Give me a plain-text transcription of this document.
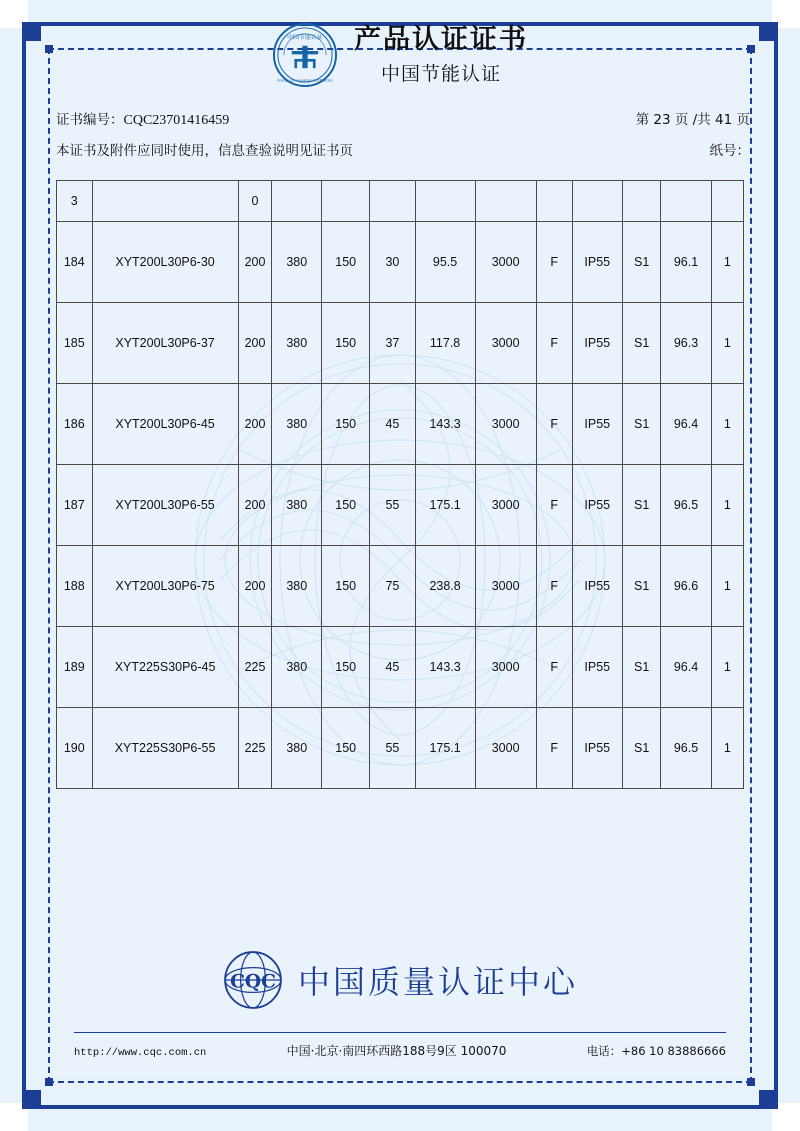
中国节能认证
Energy Conservation Certification
产品认证证书
中国节能认证
证书编号：CQC23701416459	第 23 页 /共 41 页
本证书及附件应同时使用，信息查验说明见证书页	纸号：
3		0										
184	XYT200L30P6-30	200	380	150	30	95.5	3000	F	IP55	S1	96.1	1
185	XYT200L30P6-37	200	380	150	37	117.8	3000	F	IP55	S1	96.3	1
186	XYT200L30P6-45	200	380	150	45	143.3	3000	F	IP55	S1	96.4	1
187	XYT200L30P6-55	200	380	150	55	175.1	3000	F	IP55	S1	96.5	1
188	XYT200L30P6-75	200	380	150	75	238.8	3000	F	IP55	S1	96.6	1
189	XYT225S30P6-45	225	380	150	45	143.3	3000	F	IP55	S1	96.4	1
190	XYT225S30P6-55	225	380	150	55	175.1	3000	F	IP55	S1	96.5	1
CQC 中国质量认证中心
http://www.cqc.com.cn	中国·北京·南四环西路188号9区 100070	电话：+86 10 83886666
